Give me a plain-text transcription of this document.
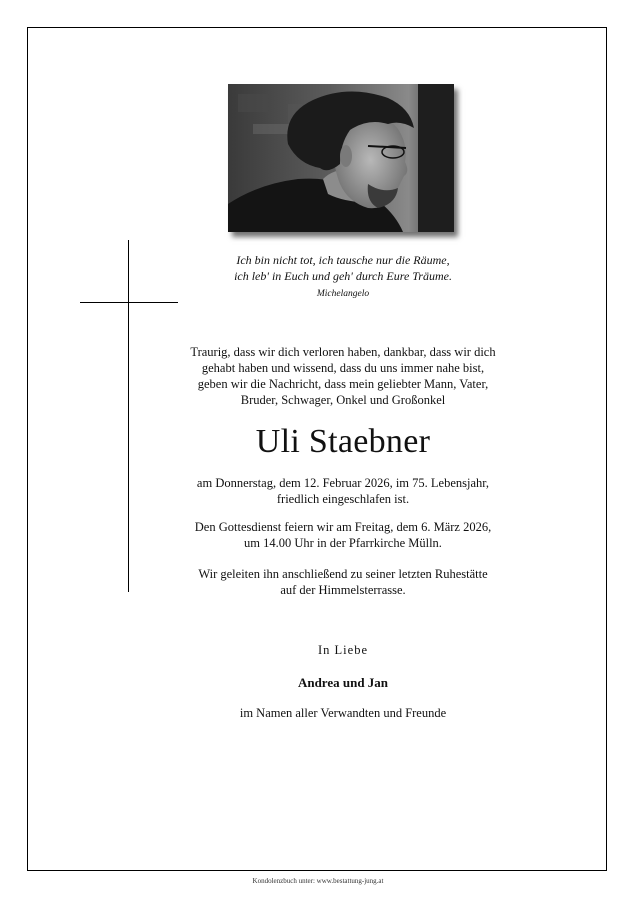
Ich bin nicht tot, ich tausche nur die Räume,
ich leb' in Euch und geh' durch Eure Träume.
Michelangelo
Traurig, dass wir dich verloren haben, dankbar, dass wir dich
gehabt haben und wissend, dass du uns immer nahe bist,
geben wir die Nachricht, dass mein geliebter Mann, Vater,
Bruder, Schwager, Onkel und Großonkel
Uli Staebner
am Donnerstag, dem 12. Februar 2026, im 75. Lebensjahr,
friedlich eingeschlafen ist.
Den Gottesdienst feiern wir am Freitag, dem 6. März 2026,
um 14.00 Uhr in der Pfarrkirche Mülln.
Wir geleiten ihn anschließend zu seiner letzten Ruhestätte
auf der Himmelsterrasse.
In Liebe
Andrea und Jan
im Namen aller Verwandten und Freunde
Kondolenzbuch unter: www.bestattung-jung.at
